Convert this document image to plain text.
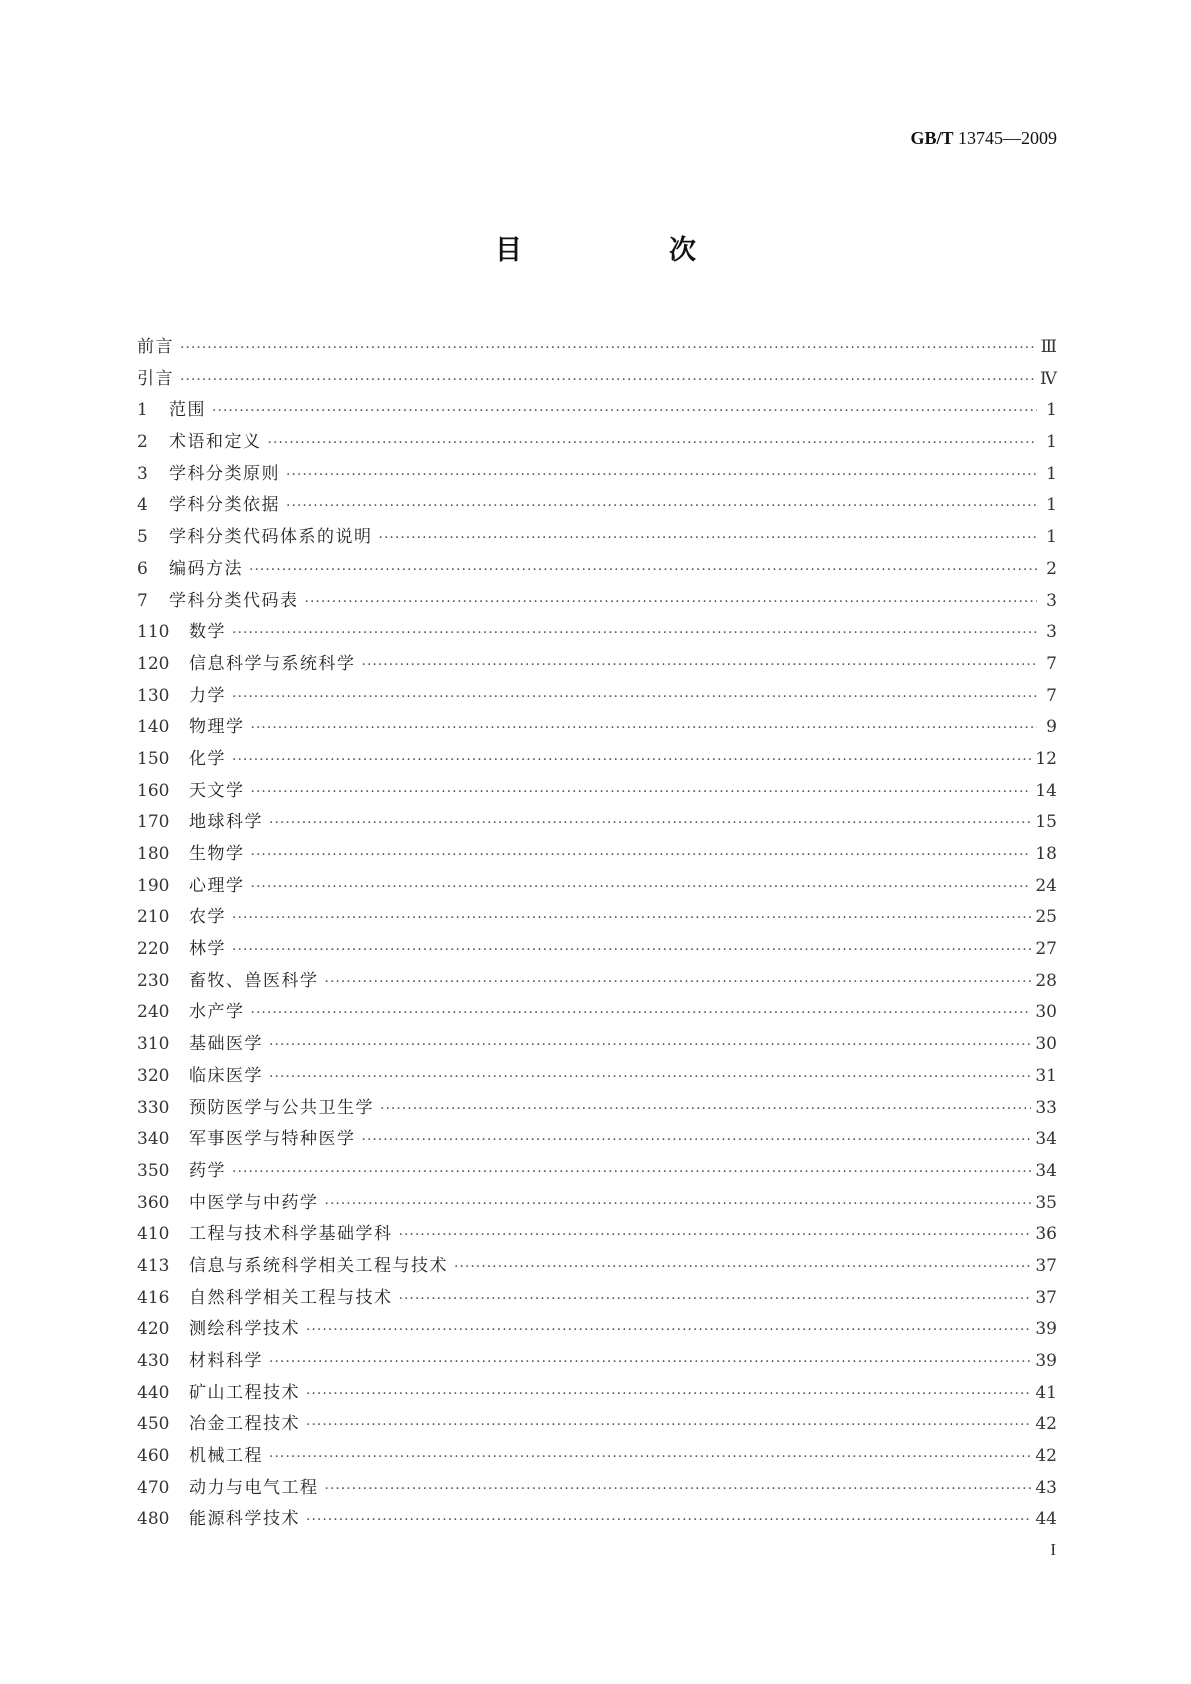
GB/T 13745—2009
目　次
前言 ·····	Ⅲ
引言 ·····	Ⅳ
1	范围 ·····	1
2	术语和定义 ·····	1
3	学科分类原则 ·····	1
4	学科分类依据 ·····	1
5	学科分类代码体系的说明 ·····	1
6	编码方法 ·····	2
7	学科分类代码表 ·····	3
110	数学 ·····	3
120	信息科学与系统科学 ·····	7
130	力学 ·····	7
140	物理学 ·····	9
150	化学 ·····	12
160	天文学 ·····	14
170	地球科学 ·····	15
180	生物学 ·····	18
190	心理学 ·····	24
210	农学 ·····	25
220	林学 ·····	27
230	畜牧、兽医科学 ·····	28
240	水产学 ·····	30
310	基础医学 ·····	30
320	临床医学 ·····	31
330	预防医学与公共卫生学 ·····	33
340	军事医学与特种医学 ·····	34
350	药学 ·····	34
360	中医学与中药学 ·····	35
410	工程与技术科学基础学科 ·····	36
413	信息与系统科学相关工程与技术 ·····	37
416	自然科学相关工程与技术 ·····	37
420	测绘科学技术 ·····	39
430	材料科学 ·····	39
440	矿山工程技术 ·····	41
450	冶金工程技术 ·····	42
460	机械工程 ·····	42
470	动力与电气工程 ·····	43
480	能源科学技术 ·····	44
I
